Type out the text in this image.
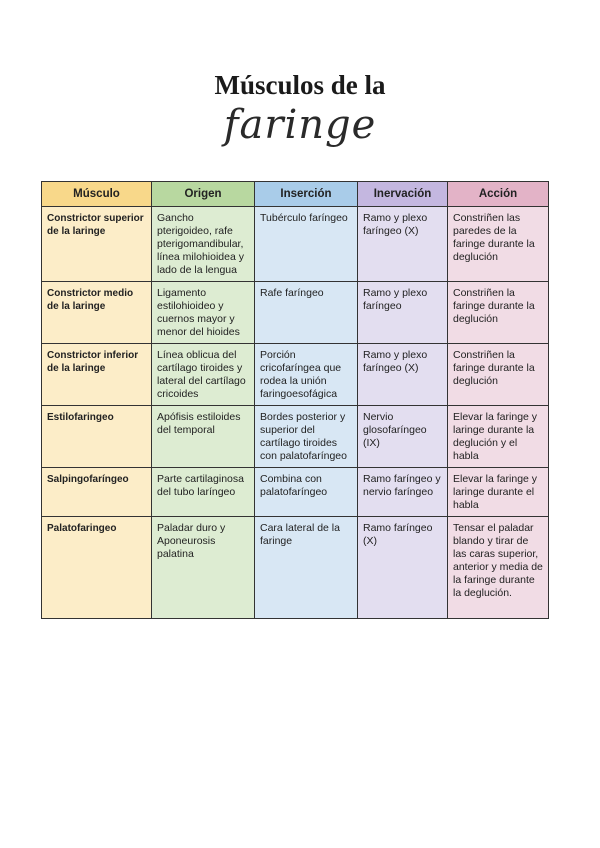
Músculos de la
faringe
Músculo	Origen	Inserción	Inervación	Acción
Constrictor superior de la laringe	Gancho pterigoideo, rafe pterigomandibular, línea milohioidea y lado de la lengua	Tubérculo faríngeo	Ramo y plexo faríngeo (X)	Constriñen las paredes de la faringe durante la deglución
Constrictor medio de la laringe	Ligamento estilohioideo y cuernos mayor y menor del hioides	Rafe faríngeo	Ramo y plexo faríngeo	Constriñen la faringe durante la deglución
Constrictor inferior de la laringe	Línea oblicua del cartílago tiroides y lateral del cartílago cricoides	Porción cricofaríngea que rodea la unión faringoesofágica	Ramo y plexo faríngeo (X)	Constriñen la faringe durante la deglución
Estilofaringeo	Apófisis estiloides del temporal	Bordes posterior y superior del cartílago tiroides con palatofaríngeo	Nervio glosofaríngeo (IX)	Elevar la faringe y laringe durante la deglución y el habla
Salpingofaríngeo	Parte cartilaginosa del tubo laríngeo	Combina con palatofaríngeo	Ramo faríngeo y nervio faríngeo	Elevar la faringe y laringe durante el habla
Palatofaringeo	Paladar duro y Aponeurosis palatina	Cara lateral de la faringe	Ramo faríngeo (X)	Tensar el paladar blando y tirar de las caras superior, anterior y media de la faringe durante la deglución.
